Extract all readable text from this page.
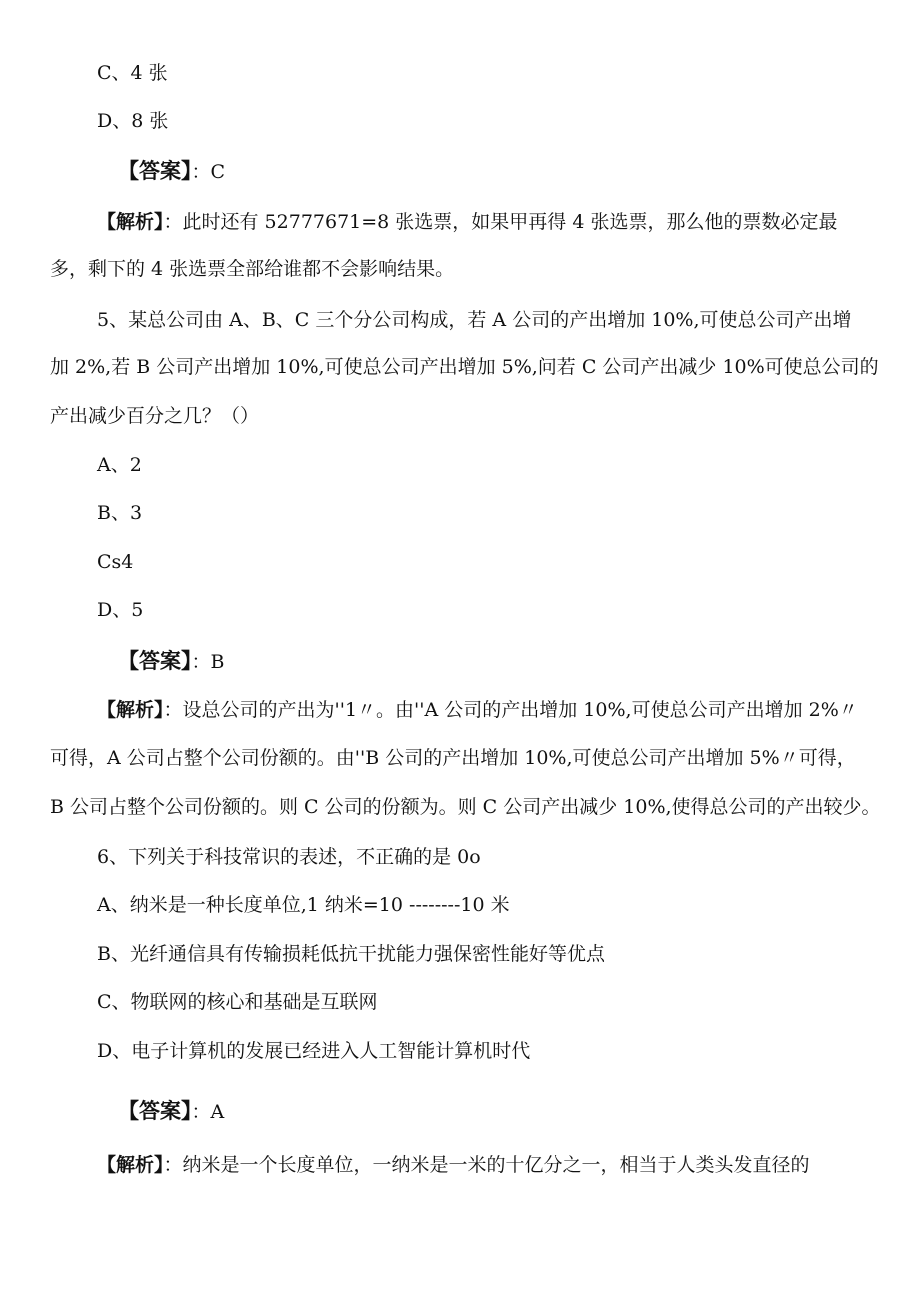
C、4 张
D、8 张
【答案】：C
【解析】：此时还有 52777671=8 张选票，如果甲再得 4 张选票，那么他的票数必定最
多，剩下的 4 张选票全部给谁都不会影响结果。
5、某总公司由 A、B、C 三个分公司构成，若 A 公司的产出增加 10%,可使总公司产出增
加 2%,若 B 公司产出增加 10%,可使总公司产出增加 5%,问若 C 公司产出减少 10%可使总公司的
产出减少百分之几？（）
A、2
B、3
Cs4
D、5
【答案】：B
【解析】：设总公司的产出为''1〃。由''A 公司的产出增加 10%,可使总公司产出增加 2%〃
可得，A 公司占整个公司份额的。由''B 公司的产出增加 10%,可使总公司产出增加 5%〃可得，
B 公司占整个公司份额的。则 C 公司的份额为。则 C 公司产出减少 10%,使得总公司的产出较少。
6、下列关于科技常识的表述，不正确的是 0o
A、纳米是一种长度单位,1 纳米=10 --------10 米
B、光纤通信具有传输损耗低抗干扰能力强保密性能好等优点
C、物联网的核心和基础是互联网
D、电子计算机的发展已经进入人工智能计算机时代
【答案】：A
【解析】：纳米是一个长度单位，一纳米是一米的十亿分之一，相当于人类头发直径的
